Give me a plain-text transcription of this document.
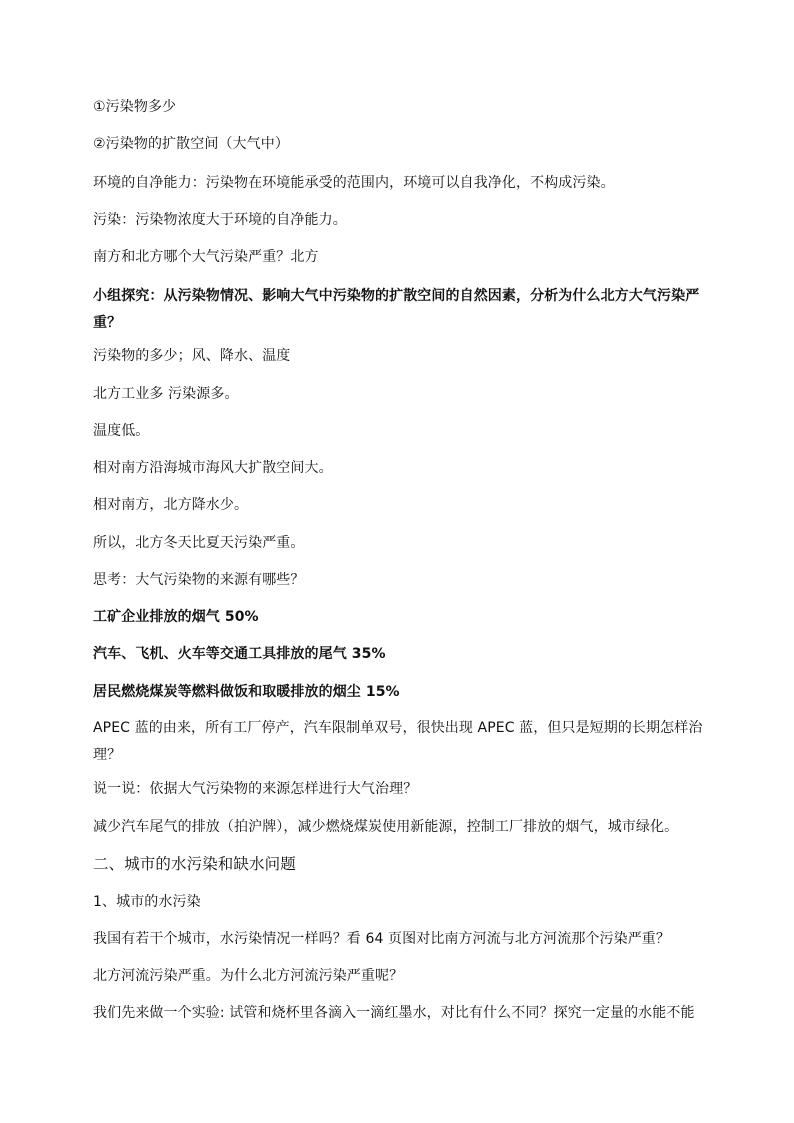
①污染物多少
②污染物的扩散空间（大气中）
环境的自净能力：污染物在环境能承受的范围内，环境可以自我净化，不构成污染。
污染：污染物浓度大于环境的自净能力。
南方和北方哪个大气污染严重？北方
小组探究：从污染物情况、影响大气中污染物的扩散空间的自然因素，分析为什么北方大气污染严重？
污染物的多少；风、降水、温度
北方工业多 污染源多。
温度低。
相对南方沿海城市海风大扩散空间大。
相对南方，北方降水少。
所以，北方冬天比夏天污染严重。
思考：大气污染物的来源有哪些？
工矿企业排放的烟气 50%
汽车、飞机、火车等交通工具排放的尾气 35%
居民燃烧煤炭等燃料做饭和取暖排放的烟尘 15%
APEC 蓝的由来，所有工厂停产，汽车限制单双号，很快出现 APEC 蓝，但只是短期的长期怎样治理？
说一说：依据大气污染物的来源怎样进行大气治理？
减少汽车尾气的排放（拍沪牌），减少燃烧煤炭使用新能源，控制工厂排放的烟气，城市绿化。
二、城市的水污染和缺水问题
1、城市的水污染
我国有若干个城市，水污染情况一样吗？看 64 页图对比南方河流与北方河流那个污染严重？
北方河流污染严重。为什么北方河流污染严重呢？
我们先来做一个实验: 试管和烧杯里各滴入一滴红墨水，对比有什么不同？探究一定量的水能不能
